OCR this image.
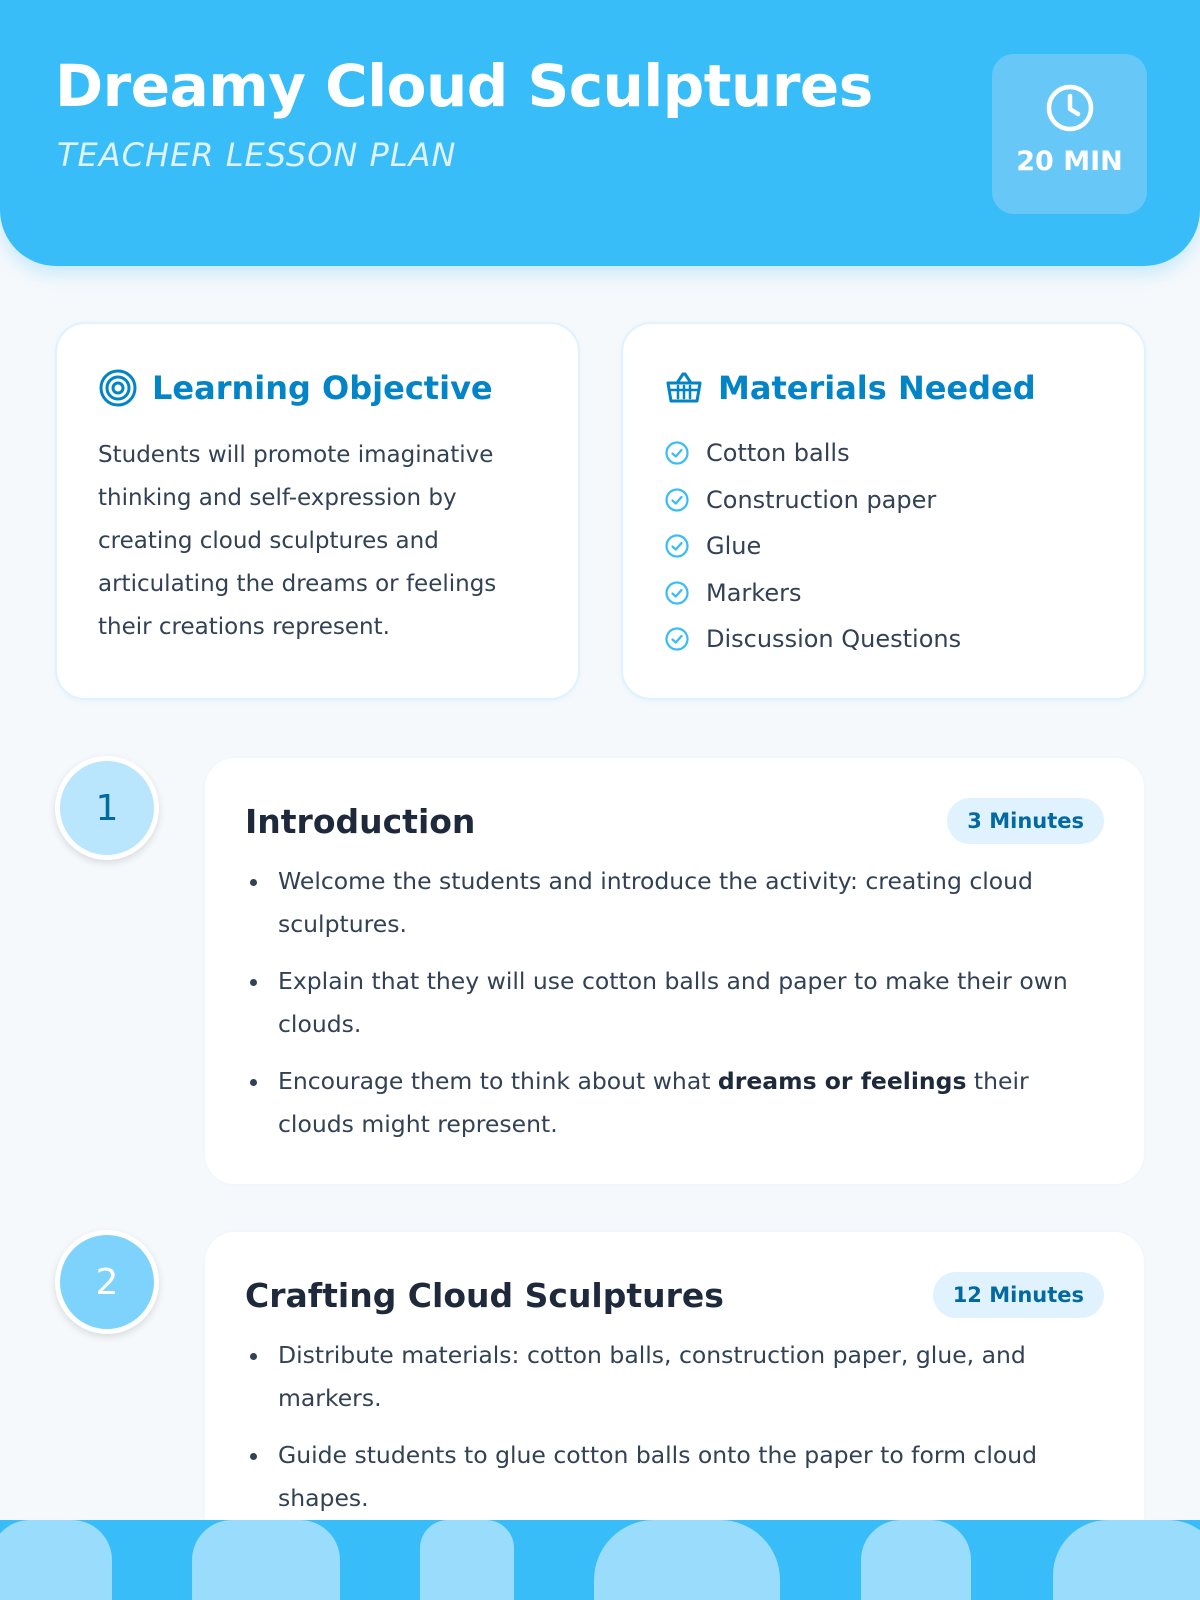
Dreamy Cloud Sculptures
TEACHER LESSON PLAN	20 MIN
Learning Objective

Students will promote imaginative thinking and self-expression by creating cloud sculptures and articulating the dreams or feelings their creations represent.

Materials Needed
Cotton balls
Construction paper
Glue
Markers
Discussion Questions
1	Introduction	3 Minutes
Welcome the students and introduce the activity: creating cloud sculptures.
Explain that they will use cotton balls and paper to make their own clouds.
Encourage them to think about what dreams or feelings their clouds might represent.
2	Crafting Cloud Sculptures	12 Minutes
Distribute materials: cotton balls, construction paper, glue, and markers.
Guide students to glue cotton balls onto the paper to form cloud shapes.
